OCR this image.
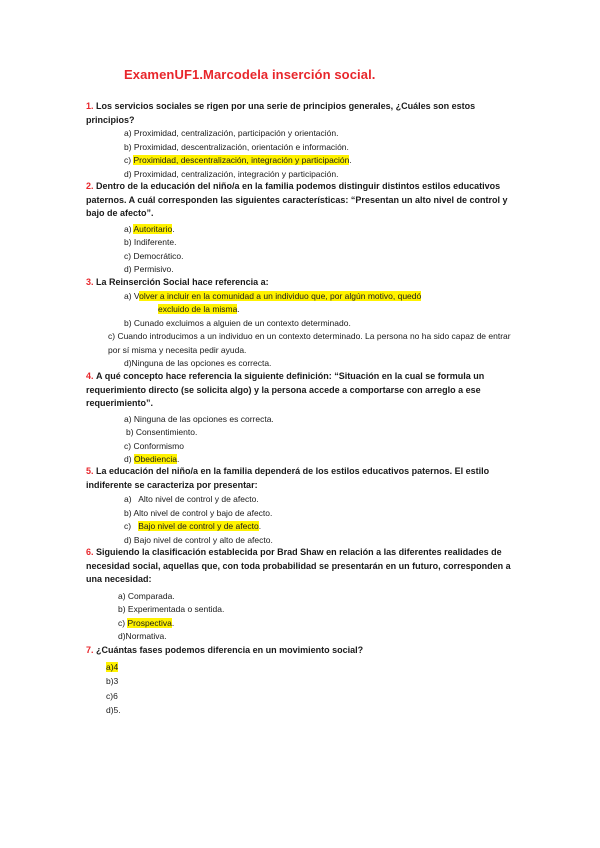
ExamenUF1.Marcodela inserción social.
1. Los servicios sociales se rigen por una serie de principios generales, ¿Cuáles son estos principios?
a) Proximidad, centralización, participación y orientación.
b) Proximidad, descentralización, orientación e información.
c) Proximidad, descentralización, integración y participación.
d) Proximidad, centralización, integración y participación.
2. Dentro de la educación del niño/a en la familia podemos distinguir distintos estilos educativos paternos. A cuál corresponden las siguientes características: “Presentan un alto nivel de control y bajo de afecto”.
a) Autoritario.
b) Indiferente.
c) Democrático.
d) Permisivo.
3. La Reinserción Social hace referencia a:
a) Volver a incluir en la comunidad a un individuo que, por algún motivo, quedó
excluido de la misma.
b) Cunado excluimos a alguien de un contexto determinado.
c) Cuando introducimos a un individuo en un contexto determinado. La persona no ha sido capaz de entrar por sí misma y necesita pedir ayuda.
d)Ninguna de las opciones es correcta.
4. A qué concepto hace referencia la siguiente definición: “Situación en la cual se formula un requerimiento directo (se solicita algo) y la persona accede a comportarse con arreglo a ese requerimiento”.
a) Ninguna de las opciones es correcta.
b) Consentimiento.
c) Conformismo
d) Obediencia.
5. La educación del niño/a en la familia dependerá de los estilos educativos paternos. El estilo indiferente se caracteriza por presentar:
a) Alto nivel de control y de afecto.
b) Alto nivel de control y bajo de afecto.
c) Bajo nivel de control y de afecto.
d) Bajo nivel de control y alto de afecto.
6. Siguiendo la clasificación establecida por Brad Shaw en relación a las diferentes realidades de necesidad social, aquellas que, con toda probabilidad se presentarán en un futuro, corresponden a una necesidad:
a) Comparada.
b) Experimentada o sentida.
c) Prospectiva.
d)Normativa.
7. ¿Cuántas fases podemos diferencia en un movimiento social?
a)4
b)3
c)6
d)5.
